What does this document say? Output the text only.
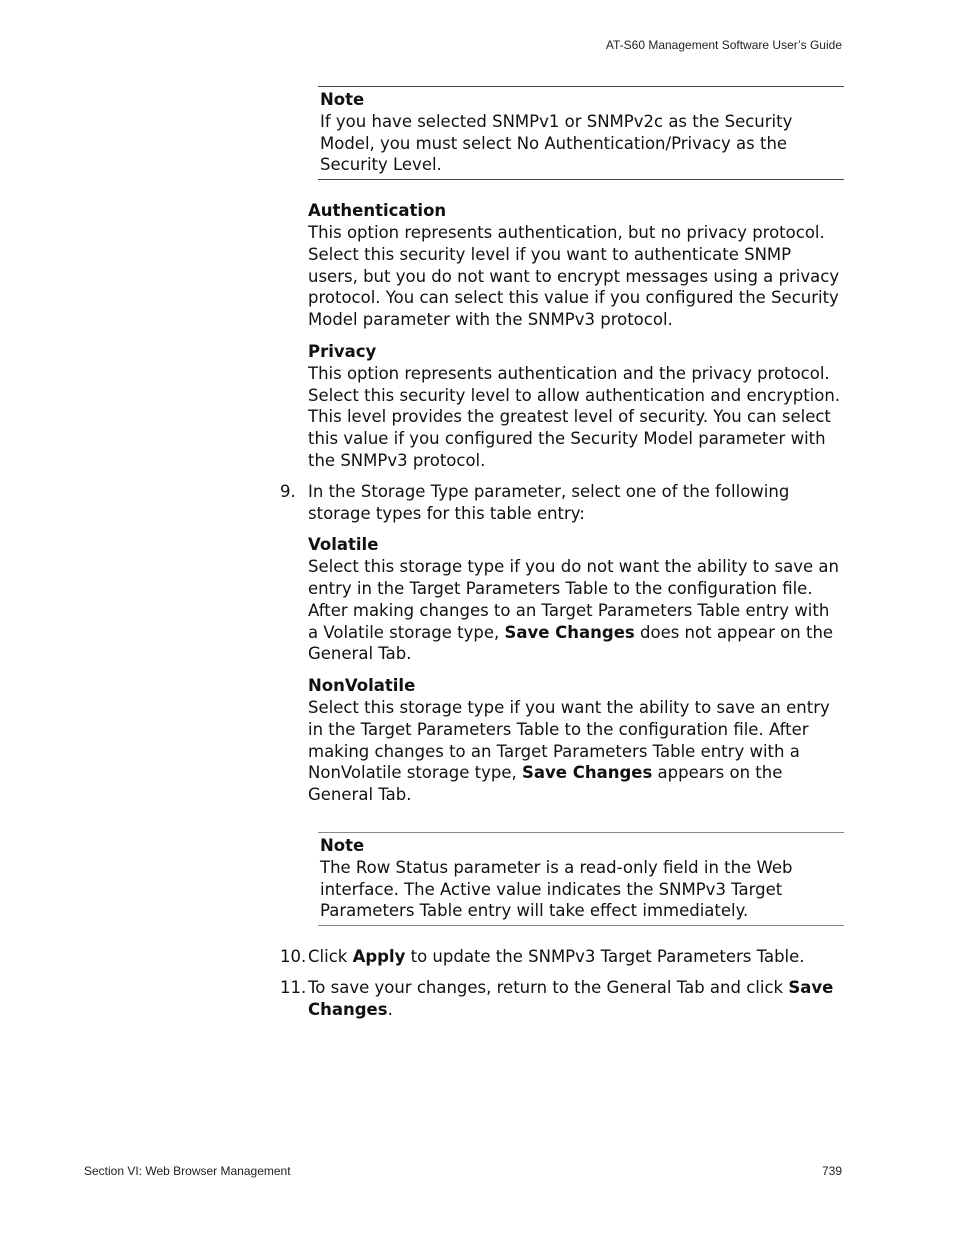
AT-S60 Management Software User’s Guide
Note
If you have selected SNMPv1 or SNMPv2c as the Security Model, you must select No Authentication/Privacy as the Security Level.
Authentication
This option represents authentication, but no privacy protocol. Select this security level if you want to authenticate SNMP users, but you do not want to encrypt messages using a privacy protocol. You can select this value if you configured the Security Model parameter with the SNMPv3 protocol.
Privacy
This option represents authentication and the privacy protocol. Select this security level to allow authentication and encryption. This level provides the greatest level of security. You can select this value if you configured the Security Model parameter with the SNMPv3 protocol.
9. In the Storage Type parameter, select one of the following storage types for this table entry:
Volatile
Select this storage type if you do not want the ability to save an entry in the Target Parameters Table to the configuration file. After making changes to an Target Parameters Table entry with a Volatile storage type, Save Changes does not appear on the General Tab.
NonVolatile
Select this storage type if you want the ability to save an entry in the Target Parameters Table to the configuration file. After making changes to an Target Parameters Table entry with a NonVolatile storage type, Save Changes appears on the General Tab.
Note
The Row Status parameter is a read-only field in the Web interface. The Active value indicates the SNMPv3 Target Parameters Table entry will take effect immediately.
10. Click Apply to update the SNMPv3 Target Parameters Table.
11. To save your changes, return to the General Tab and click Save Changes.
Section VI: Web Browser Management	739
